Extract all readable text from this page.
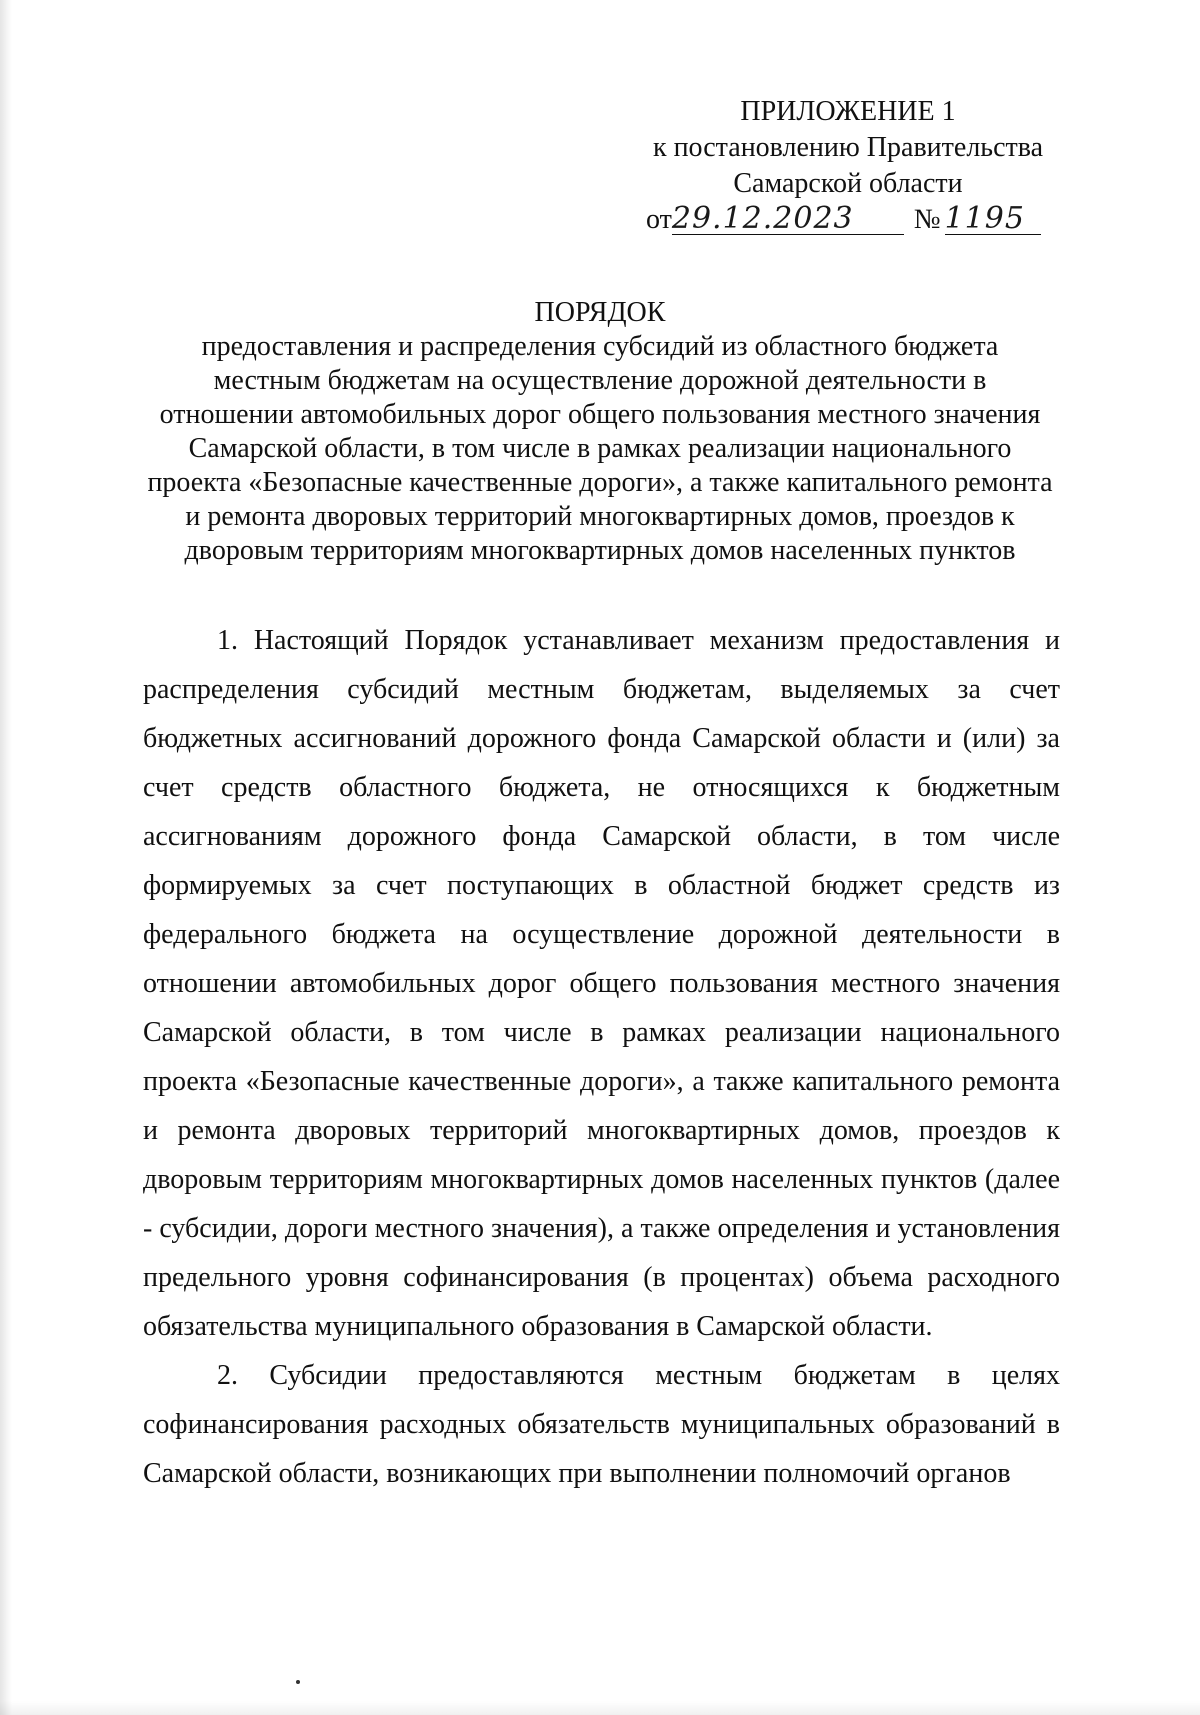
ПРИЛОЖЕНИЕ 1
к постановлению Правительства
Самарской области
от29.12.2023 № 1195
ПОРЯДОК
предоставления и распределения субсидий из областного бюджета
местным бюджетам на осуществление дорожной деятельности в
отношении автомобильных дорог общего пользования местного значения
Самарской области, в том числе в рамках реализации национального
проекта «Безопасные качественные дороги», а также капитального ремонта
и ремонта дворовых территорий многоквартирных домов, проездов к
дворовым территориям многоквартирных домов населенных пунктов

1. Настоящий Порядок устанавливает механизм предоставления и распределения субсидий местным бюджетам, выделяемых за счет бюджетных ассигнований дорожного фонда Самарской области и (или) за счет средств областного бюджета, не относящихся к бюджетным ассигнованиям дорожного фонда Самарской области, в том числе формируемых за счет поступающих в областной бюджет средств из федерального бюджета на осуществление дорожной деятельности в отношении автомобильных дорог общего пользования местного значения Самарской области, в том числе в рамках реализации национального проекта «Безопасные качественные дороги», а также капитального ремонта и ремонта дворовых территорий многоквартирных домов, проездов к дворовым территориям многоквартирных домов населенных пунктов (далее - субсидии, дороги местного значения), а также определения и установления предельного уровня софинансирования (в процентах) объема расходного обязательства муниципального образования в Самарской области.

2. Субсидии предоставляются местным бюджетам в целях софинансирования расходных обязательств муниципальных образований в Самарской области, возникающих при выполнении полномочий органов
